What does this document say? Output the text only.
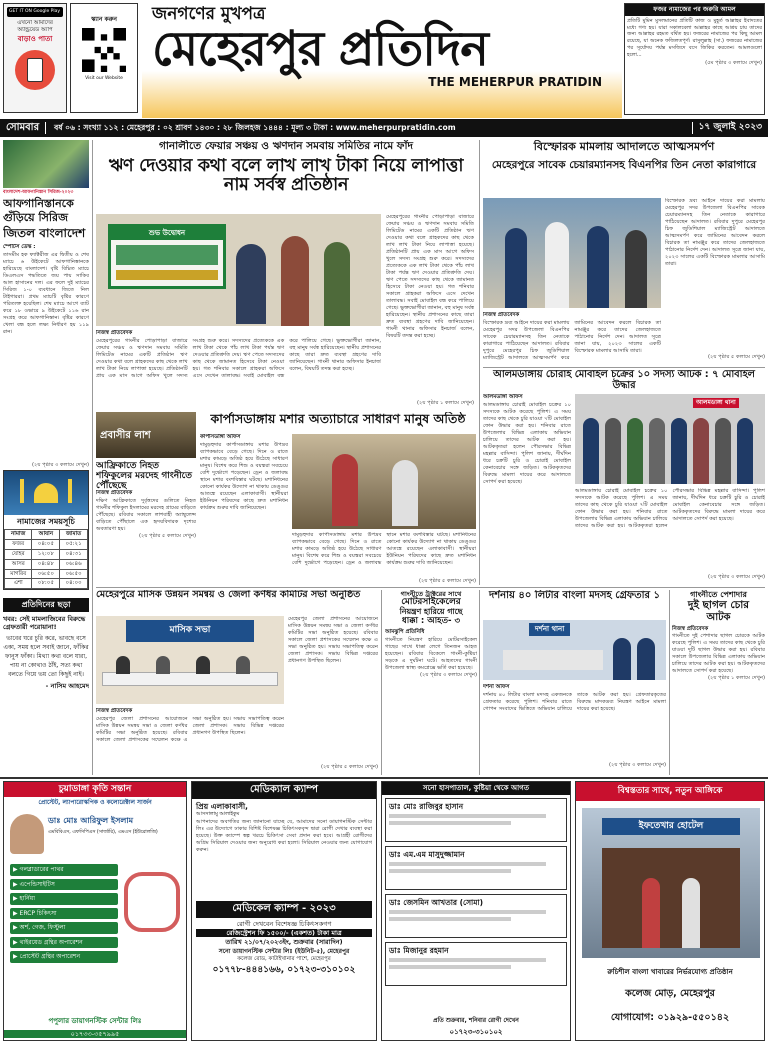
GET IT ON Google Play
এখনো আমাদের
অ্যান্ড্রয়েড অ্যাপ
বাড়াও পাতা
স্ক্যান করুন
Visit our Website
জনগণের মুখপত্র
মেহেরপুর প্রতিদিন
THE MEHERPUR PRATIDIN
ফজর নামাজের পর জরুরি আমল
প্রতিটি মুমিন মুসলমানের প্রতিটি কাজ ও মুহূর্ত আল্লাহর ইবাদতের মধ্যে গণ্য হয়। যারা সকালবেলা আল্লাহর কাছে আশ্রয় চায় তাদের জন্য আল্লাহর রহমত বর্ষিত হয়। ফজরের নামাজের পর কিছু আমল রয়েছে, যা অনেক ফজিলতপূর্ণ। রাসুলুল্লাহ (সা.) ফজরের নামাজের পর সূর্যোদয় পর্যন্ত মসজিদে বসে জিকির করতেন। আমলগুলো হলো...
(৫ম পৃষ্ঠার ৩ কলামে দেখুন)
সোমবার	বর্ষ ০৬ : সংখ্যা ১১২ : মেহেরপুর : ০২ শ্রাবণ ১৪৩০ : ২৮ জিলহজ ১৪৪৪ : মূল্য ৩ টাকা : www.meherpurpratidin.com	১৭ জুলাই ২০২৩
বাংলাদেশ-আফগানিস্তান সিরিজ-২০২৩
আফগানিস্তানকে
গুঁড়িয়ে সিরিজ
জিতল বাংলাদেশ
স্পোর্টস ডেস্ক :
তাসমীম হক ফ্যাক্টরীজ এর দ্বিতীয় ও শেষ ম্যাচে ৬ উইকেটে আফগানিস্তানকে হারিয়েছে বাংলাদেশ। বৃষ্টি বিঘ্নিত ম্যাচে ডিএলএস পদ্ধতিতে জয় পায় সাকিব আল হাসানের দল। এর ফলে দুই ম্যাচের সিরিজ ১-০ ব্যবধানে জিতে নিল টাইগাররা। প্রথম ম্যাচটি বৃষ্টির কারণে পরিত্যক্ত হয়েছিল। শেষ ম্যাচে আগে ব্যাট করে ১৮ ওভারে ৯ উইকেটে ১১৬ রান সংগ্রহ করে আফগানিস্তান। বৃষ্টির কারণে খেলা বন্ধ হলে লক্ষ্য নির্ধারণ হয় ১১৯ রান।
(২য় পৃষ্ঠার ৩ কলামে দেখুন)
নামাজের সময়সূচি
নামাজ	আযান	জামাত
ফজর	০৪:০৫	০৫:২১
যোহর	১২:০৮	০৪:৩১
আসর	০৪:৪৮	০৬:৪৬
মাগরিব	০৬:৫০	০৬:৫০
এশা	০৮:০৫	০৪:০০
প্রতিদিনের ছড়া
খবর: সেই মামলাজিবের বিরুদ্ধে গ্রেফতারী পরোয়ানা!
ভাবের ঘরে চুরি করে, ভাবছে বসে একা, সময় হলে সবাই জানে, ফাঁকির ফানুস ফাঁকা। মিথ্যা কথা বলে যারা, পায় না কোথাও ঠাঁই, সত্য কথা বলতে গিয়ে ভয় তো কিছুই নাই।
- নাসিম আহমেদ
গানালীতে ফেয়ার সঞ্চয় ও ঋণদান সমবায় সমিতির নামে ফাঁদ
ঋণ দেওয়ার কথা বলে লাখ লাখ টাকা নিয়ে লাপাত্তা নাম সর্বস্ব প্রতিষ্ঠান
শুভ উদ্বোধন
নিজস্ব প্রতিবেদক
মেহেরপুরের গাংনীর পোড়াপাড়া বাজারে ফেয়ার সঞ্চয় ও ঋণদান সমবায় সমিতি লিমিটেড নামের একটি প্রতিষ্ঠান ঋণ দেওয়ার কথা বলে গ্রাহকদের কাছ থেকে লাখ লাখ টাকা নিয়ে লাপাত্তা হয়েছে। প্রতিষ্ঠানটি প্রায় এক মাস আগে অফিস খুলে সদস্য সংগ্রহ শুরু করে। সদস্যদের প্রত্যেককে এক লাখ টাকা থেকে পাঁচ লাখ টাকা পর্যন্ত ঋণ দেওয়ার প্রতিশ্রুতি দেয়। ঋণ পেতে সদস্যদের কাছ থেকে জামানত হিসেবে টাকা নেওয়া হয়। গত শনিবার সকালে গ্রাহকরা অফিসে এসে দেখেন তালাবদ্ধ। সবাই মোবাইল বন্ধ করে পালিয়ে গেছে। ভুক্তভোগীরা জানান, বহু মানুষ সর্বস্ব হারিয়েছেন। স্থানীয় প্রশাসনের কাছে তারা দ্রুত ব্যবস্থা গ্রহণের দাবি জানিয়েছেন। গাংনী থানার অফিসার ইনচার্জ বলেন, বিষয়টি তদন্ত করা হচ্ছে।
মেহেরপুরের গাংনীর পোড়াপাড়া বাজারে ফেয়ার সঞ্চয় ও ঋণদান সমবায় সমিতি লিমিটেড নামের একটি প্রতিষ্ঠান ঋণ দেওয়ার কথা বলে গ্রাহকদের কাছ থেকে লাখ লাখ টাকা নিয়ে লাপাত্তা হয়েছে। প্রতিষ্ঠানটি প্রায় এক মাস আগে অফিস খুলে সদস্য সংগ্রহ শুরু করে। সদস্যদের প্রত্যেককে এক লাখ টাকা থেকে পাঁচ লাখ টাকা পর্যন্ত ঋণ দেওয়ার প্রতিশ্রুতি দেয়। ঋণ পেতে সদস্যদের কাছ থেকে জামানত হিসেবে টাকা নেওয়া হয়। গত শনিবার সকালে গ্রাহকরা অফিসে এসে দেখেন তালাবদ্ধ। সবাই মোবাইল বন্ধ করে পালিয়ে গেছে। ভুক্তভোগীরা জানান, বহু মানুষ সর্বস্ব হারিয়েছেন। স্থানীয় প্রশাসনের কাছে তারা দ্রুত ব্যবস্থা গ্রহণের দাবি জানিয়েছেন। গাংনী থানার অফিসার ইনচার্জ বলেন, বিষয়টি তদন্ত করা হচ্ছে।
(২য় পৃষ্ঠার ১ কলামে দেখুন)
প্রবাসীর লাশ
আফ্রিকাতে নিহত শফিকুলের মরদেহ গাংনীতে পৌঁছেছে
নিজস্ব প্রতিবেদক
দক্ষিণ আফ্রিকাতে দুর্বৃত্তদের গুলিতে নিহত গাংনীর শফিকুল ইসলামের মরদেহ গ্রামের বাড়িতে পৌঁছেছে। রবিবার সকালে লাশবাহী অ্যাম্বুলেন্স বাড়িতে পৌঁছালে এক হৃদয়বিদারক দৃশ্যের অবতারণা হয়।
(২য় পৃষ্ঠার ৫ কলামে দেখুন)
কার্পাসডাঙ্গায় মশার অত্যাচারে সাধারণ মানুষ অতিষ্ঠ
কার্পাসডাঙ্গা অফিস
দামুড়হুদার কার্পাসডাঙ্গায় মশার উপদ্রব ব্যাপকভাবে বেড়ে গেছে। দিনে ও রাতে মশার কামড়ে অতিষ্ঠ হয়ে উঠেছে সাধারণ মানুষ। বিশেষ করে শিশু ও বয়স্করা সবচেয়ে বেশি দুর্ভোগে পড়েছেন। ড্রেন ও জলাবদ্ধ স্থানে মশার বংশবিস্তার ঘটছে। মশানিধনের কোনো কার্যকর উদ্যোগ না থাকায় ডেঙ্গুর আতঙ্কে রয়েছেন এলাকাবাসী। স্থানীয়রা ইউনিয়ন পরিষদের কাছে দ্রুত মশানিধন কার্যক্রম শুরুর দাবি জানিয়েছেন।
দামুড়হুদার কার্পাসডাঙ্গায় মশার উপদ্রব ব্যাপকভাবে বেড়ে গেছে। দিনে ও রাতে মশার কামড়ে অতিষ্ঠ হয়ে উঠেছে সাধারণ মানুষ। বিশেষ করে শিশু ও বয়স্করা সবচেয়ে বেশি দুর্ভোগে পড়েছেন। ড্রেন ও জলাবদ্ধ স্থানে মশার বংশবিস্তার ঘটছে। মশানিধনের কোনো কার্যকর উদ্যোগ না থাকায় ডেঙ্গুর আতঙ্কে রয়েছেন এলাকাবাসী। স্থানীয়রা ইউনিয়ন পরিষদের কাছে দ্রুত মশানিধন কার্যক্রম শুরুর দাবি জানিয়েছেন।
(২য় পৃষ্ঠার ৫ কলামে দেখুন)
বিস্ফোরক মামলায় আদালতে আত্মসমর্পণ
মেহেরপুরে সাবেক চেয়ারম্যানসহ বিএনপির তিন নেতা কারাগারে
বিস্ফোরক দ্রব্য আইনে দায়ের করা মামলায় মেহেরপুর সদর উপজেলা বিএনপির সাবেক চেয়ারম্যানসহ তিন নেতাকে কারাগারে পাঠিয়েছেন আদালত। রবিবার দুপুরে মেহেরপুর চিফ জুডিশিয়াল ম্যাজিস্ট্রেট আদালতে আত্মসমর্পণ করে জামিনের আবেদন করলে বিচারক তা নামঞ্জুর করে তাদের জেলহাজতে পাঠানোর নির্দেশ দেন। আদালত সূত্রে জানা যায়, ২০২৩ সালের একটি বিস্ফোরক মামলার আসামি তারা।
(২য় পৃষ্ঠার ৫ কলামে দেখুন)
নিজস্ব প্রতিবেদক
বিস্ফোরক দ্রব্য আইনে দায়ের করা মামলায় মেহেরপুর সদর উপজেলা বিএনপির সাবেক চেয়ারম্যানসহ তিন নেতাকে কারাগারে পাঠিয়েছেন আদালত। রবিবার দুপুরে মেহেরপুর চিফ জুডিশিয়াল ম্যাজিস্ট্রেট আদালতে আত্মসমর্পণ করে জামিনের আবেদন করলে বিচারক তা নামঞ্জুর করে তাদের জেলহাজতে পাঠানোর নির্দেশ দেন। আদালত সূত্রে জানা যায়, ২০২৩ সালের একটি বিস্ফোরক মামলার আসামি তারা।
আলমডাঙ্গায় চোরাই মোবাইল চক্রের ১০ সদস্য আটক : ৭ মোবাইল উদ্ধার
আলমডাঙ্গা অফিস
আলমডাঙ্গায় চোরাই মোবাইল চক্রের ১০ সদস্যকে আটক করেছে পুলিশ। এ সময় তাদের কাছ থেকে চুরি যাওয়া ৭টি মোবাইল ফোন উদ্ধার করা হয়। শনিবার রাতে উপজেলার বিভিন্ন এলাকায় অভিযান চালিয়ে তাদের আটক করা হয়। আটককৃতরা হলেন পৌরসভার বিভিন্ন মহল্লার বাসিন্দা। পুলিশ জানায়, দীর্ঘদিন ধরে চক্রটি চুরি ও চোরাই মোবাইল কেনাবেচার সঙ্গে জড়িত। আটককৃতদের বিরুদ্ধে মামলা দায়ের করে আদালতে সোপর্দ করা হয়েছে।
আলমডাঙ্গা থানা
আলমডাঙ্গায় চোরাই মোবাইল চক্রের ১০ সদস্যকে আটক করেছে পুলিশ। এ সময় তাদের কাছ থেকে চুরি যাওয়া ৭টি মোবাইল ফোন উদ্ধার করা হয়। শনিবার রাতে উপজেলার বিভিন্ন এলাকায় অভিযান চালিয়ে তাদের আটক করা হয়। আটককৃতরা হলেন পৌরসভার বিভিন্ন মহল্লার বাসিন্দা। পুলিশ জানায়, দীর্ঘদিন ধরে চক্রটি চুরি ও চোরাই মোবাইল কেনাবেচার সঙ্গে জড়িত। আটককৃতদের বিরুদ্ধে মামলা দায়ের করে আদালতে সোপর্দ করা হয়েছে।
(২য় পৃষ্ঠার ৩ কলামে দেখুন)
মেহেরপুরে মাসিক উন্নয়ন সমন্বয় ও জেলা কর্ণধর কমিটির সভা অনুষ্ঠিত
মাসিক সভা
মেহেরপুর জেলা প্রশাসনের আয়োজনে মাসিক উন্নয়ন সমন্বয় সভা ও জেলা কর্ণধর কমিটির সভা অনুষ্ঠিত হয়েছে। রবিবার সকালে জেলা প্রশাসকের সম্মেলন কক্ষে এ সভা অনুষ্ঠিত হয়। সভায় সভাপতিত্ব করেন জেলা প্রশাসক। সভায় বিভিন্ন দপ্তরের প্রধানগণ উপস্থিত ছিলেন।
(২য় পৃষ্ঠার ৫ কলামে দেখুন)
নিজস্ব প্রতিবেদক
মেহেরপুর জেলা প্রশাসনের আয়োজনে মাসিক উন্নয়ন সমন্বয় সভা ও জেলা কর্ণধর কমিটির সভা অনুষ্ঠিত হয়েছে। রবিবার সকালে জেলা প্রশাসকের সম্মেলন কক্ষে এ সভা অনুষ্ঠিত হয়। সভায় সভাপতিত্ব করেন জেলা প্রশাসক। সভায় বিভিন্ন দপ্তরের প্রধানগণ উপস্থিত ছিলেন।
গাংনীতে ট্রাক্টরের সাথে
মোটরসাইকেলের
নিয়ন্ত্রণ হারিয়ে গাছে
ধাক্কা : আহত- ৩
আমঝুপি প্রতিনিধি
গাংনীতে নিয়ন্ত্রণ হারিয়ে মোটরসাইকেল গাছের সাথে ধাক্কা লেগে তিনজন আহত হয়েছেন। রবিবার বিকেলে গাংনী-কুষ্টিয়া সড়কে এ দুর্ঘটনা ঘটে। আহতদের গাংনী উপজেলা স্বাস্থ্য কমপ্লেক্সে ভর্তি করা হয়েছে।
(২য় পৃষ্ঠার ৩ কলামে দেখুন)
দর্শনায় ৪০ লিটার বাংলা মদসহ গ্রেফতার ১
দর্শনা থানা
দর্শনা অফিস
দর্শনায় ৪০ লিটার বাংলা মদসহ একজনকে গ্রেফতার করেছে পুলিশ। শনিবার রাতে গোপন সংবাদের ভিত্তিতে অভিযান চালিয়ে তাকে আটক করা হয়। গ্রেফতারকৃতের বিরুদ্ধে মাদকদ্রব্য নিয়ন্ত্রণ আইনে মামলা দায়ের করা হয়েছে।
(২য় পৃষ্ঠার ৩ কলামে দেখুন)
গাংনীতে পেশাদার
দুই ছাগল চোর
আটক
নিজস্ব প্রতিবেদক
গাংনীতে দুই পেশাদার ছাগল চোরকে আটক করেছে পুলিশ। এ সময় তাদের কাছ থেকে চুরি যাওয়া দুটি ছাগল উদ্ধার করা হয়। রবিবার সকালে উপজেলার বিভিন্ন এলাকায় অভিযান চালিয়ে তাদের আটক করা হয়। আটককৃতদের আদালতে সোপর্দ করা হয়েছে।
(২য় পৃষ্ঠার ১ কলামে দেখুন)
চুয়াডাঙ্গা কৃতি সন্তান
প্রোস্টেট, ল্যাপারোস্কপিক ও কলোরেক্টাল সার্জন
ডাঃ মোঃ আরিফুল ইসলাম
এমবিবিএস, এফসিপিএস (সার্জারি), এমএস (ইউরোলজি)
▶ গলব্লাডারের পাথর
▶ এপেন্ডিসাইটিস
▶ হার্নিয়া
▶ ERCP চিকিৎসা
▶ অর্শ, গেজ, ফিস্টুলা
▶ থাইরয়েড গ্রন্থির অপারেশন
▶ প্রোস্টেট গ্রন্থির অপারেশন
পপুলার ডায়াগনস্টিক সেন্টার লিঃ
০১৭৩৩-৩৫৭৯৯৫
মেডিক্যাল ক্যাম্প
প্রিয় এলাকাবাসী,
আসসালামু আলাইকুম
আপনাদের অবগতির জন্য জানানো যাচ্ছে যে, আমাদের সনো ডায়াগনস্টিক সেন্টার লিঃ এর উদ্যোগে ঢাকার বিশিষ্ট বিশেষজ্ঞ চিকিৎসকবৃন্দ দ্বারা রোগী দেখার ব্যবস্থা করা হয়েছে। উক্ত ক্যাম্পে স্বল্প খরচে চিকিৎসা সেবা প্রদান করা হবে। আগ্রহী রোগীদের অগ্রিম সিরিয়াল দেওয়ার জন্য অনুরোধ করা হলো। সিরিয়াল নেওয়ার জন্য যোগাযোগ করুন।
মেডিকেল ক্যাম্প - ২০২৩
রোগী দেখবেন বিশেষজ্ঞ চিকিৎসকগণ
রেজিস্ট্রেশন ফি ১৫০০/- (একশত) টাকা মাত্র
তারিখ ২১/০৭/২০২৩ইং, শুক্রবার (সারাদিন)
সনো ডায়াগনস্টিক সেন্টার লিঃ (ইউনিট-৫), মেহেরপুর
কলেজ রোড, কাটাইখানার পাশে, মেহেরপুর
০১৭৭৮-৪৪৪১৬৬, ০১৭২৩-৩১০১০২
সনো হাসপাতাল, কুষ্টিয়া থেকে আগত
ডাঃ মোঃ রাজিবুর হাসান
ডাঃ এম.এম মাসুদুজ্জামান
ডাঃ জেসমিন আখতার (সোমা)
ডাঃ মিজানুর রহমান
প্রতি শুক্রবার, শনিবার রোগী দেখেন
০১৭২৩-৩১০১০২
বিশ্বস্ততার সাথে, নতুন আঙ্গিকে
ইফতেখার হোটেল
রুচিশীল বাংলা খাবারের নির্ভরযোগ্য প্রতিষ্ঠান
কলেজ মোড়, মেহেরপুর
যোগাযোগ: ০১৯২৯-৫৫০১৪২
